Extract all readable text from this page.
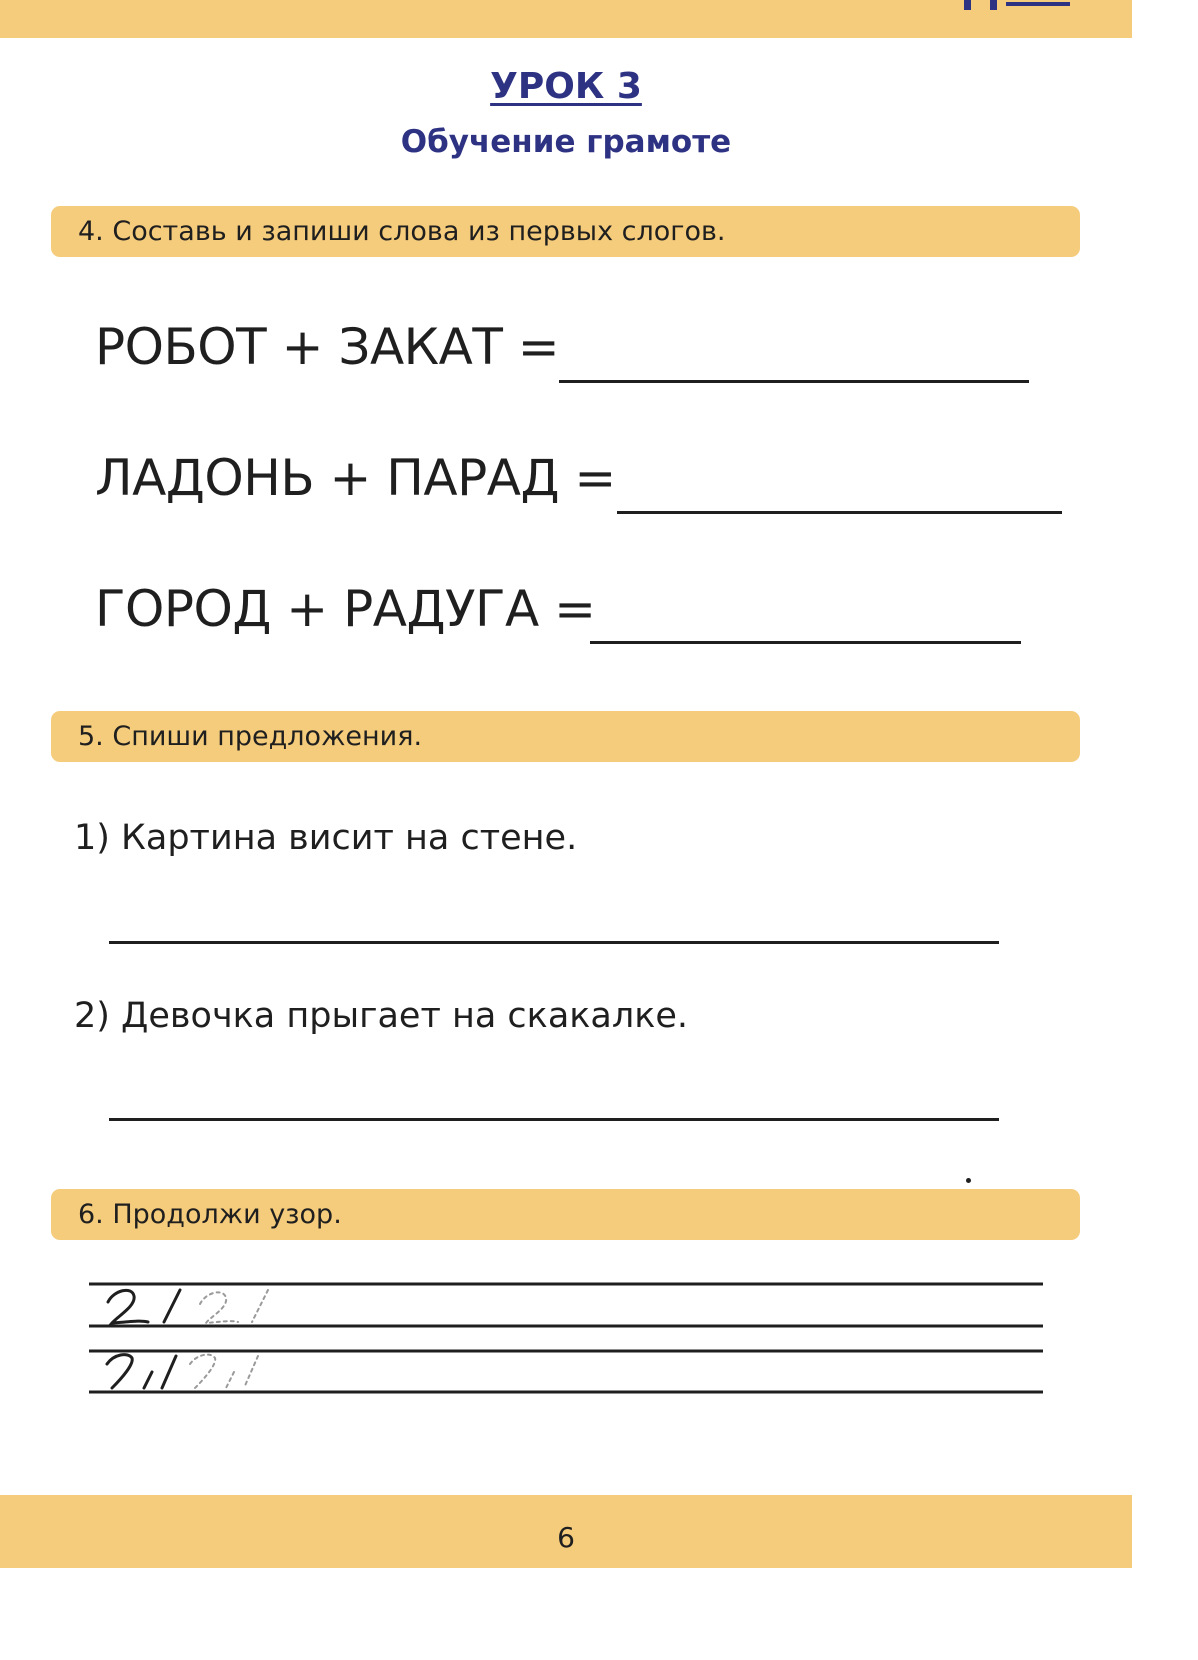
УРОК 3
Обучение грамоте
4. Составь и запиши слова из первых слогов.
РОБОТ + ЗАКАТ =
ЛАДОНЬ + ПАРАД =
ГОРОД + РАДУГА =
5. Спиши предложения.
1) Картина висит на стене.
2) Девочка прыгает на скакалке.
6. Продолжи узор.
6
